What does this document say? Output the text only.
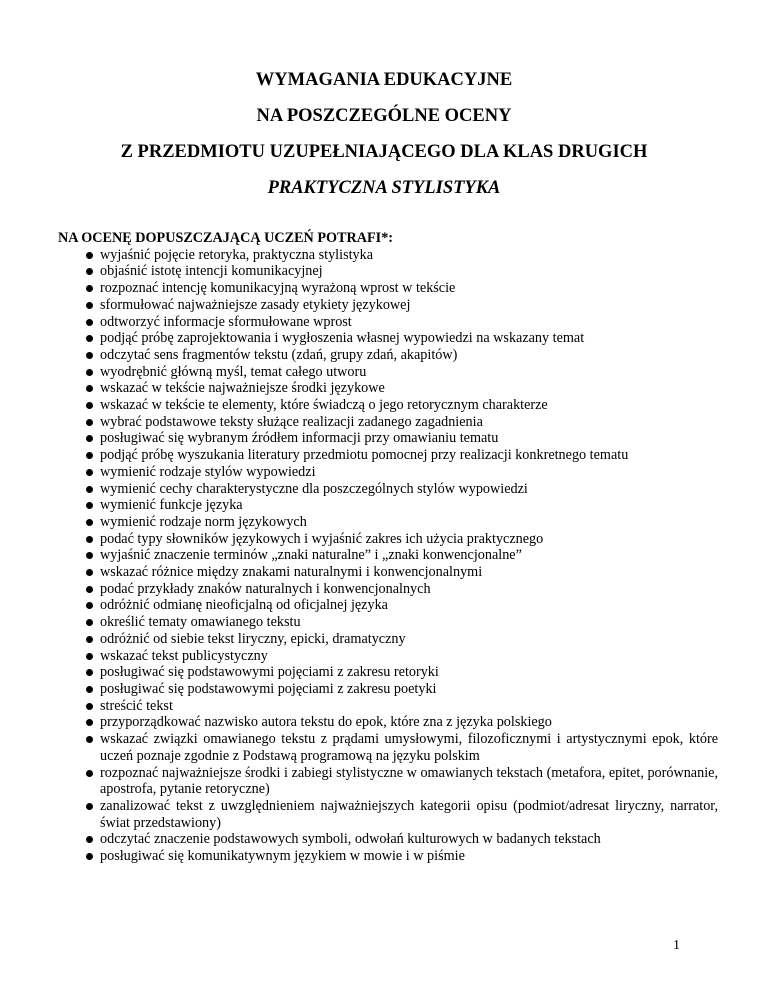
WYMAGANIA EDUKACYJNE
NA POSZCZEGÓLNE OCENY
Z PRZEDMIOTU UZUPEŁNIAJĄCEGO DLA KLAS DRUGICH
PRAKTYCZNA STYLISTYKA
NA OCENĘ DOPUSZCZAJĄCĄ UCZEŃ POTRAFI*:
wyjaśnić pojęcie retoryka, praktyczna stylistyka
objaśnić istotę intencji komunikacyjnej
rozpoznać intencję komunikacyjną wyrażoną wprost w tekście
sformułować najważniejsze zasady etykiety językowej
odtworzyć informacje sformułowane wprost
podjąć próbę zaprojektowania i wygłoszenia własnej wypowiedzi na wskazany temat
odczytać sens fragmentów tekstu (zdań, grupy zdań, akapitów)
wyodrębnić główną myśl, temat całego utworu
wskazać w tekście najważniejsze środki językowe
wskazać w tekście te elementy, które świadczą o jego retorycznym charakterze
wybrać podstawowe teksty służące realizacji zadanego zagadnienia
posługiwać się wybranym źródłem informacji przy omawianiu tematu
podjąć próbę wyszukania literatury przedmiotu pomocnej przy realizacji konkretnego tematu
wymienić rodzaje stylów wypowiedzi
wymienić cechy charakterystyczne dla poszczególnych stylów wypowiedzi
wymienić funkcje języka
wymienić rodzaje norm językowych
podać typy słowników językowych i wyjaśnić zakres ich użycia praktycznego
wyjaśnić znaczenie terminów „znaki naturalne” i „znaki konwencjonalne”
wskazać różnice między znakami naturalnymi i konwencjonalnymi
podać przykłady znaków naturalnych i konwencjonalnych
odróżnić odmianę nieoficjalną od oficjalnej języka
określić tematy omawianego tekstu
odróżnić od siebie tekst liryczny, epicki, dramatyczny
wskazać tekst publicystyczny
posługiwać się podstawowymi pojęciami z zakresu retoryki
posługiwać się podstawowymi pojęciami z zakresu poetyki
streścić tekst
przyporządkować nazwisko autora tekstu do epok, które zna z języka polskiego
wskazać związki omawianego tekstu z prądami umysłowymi, filozoficznymi i artystycznymi epok, które uczeń poznaje zgodnie z Podstawą programową na języku polskim
rozpoznać najważniejsze środki i zabiegi stylistyczne w omawianych tekstach (metafora, epitet, porównanie, apostrofa, pytanie retoryczne)
zanalizować tekst z uwzględnieniem najważniejszych kategorii opisu (podmiot/adresat liryczny, narrator, świat przedstawiony)
odczytać znaczenie podstawowych symboli, odwołań kulturowych w badanych tekstach
posługiwać się komunikatywnym językiem w mowie i w piśmie
1
